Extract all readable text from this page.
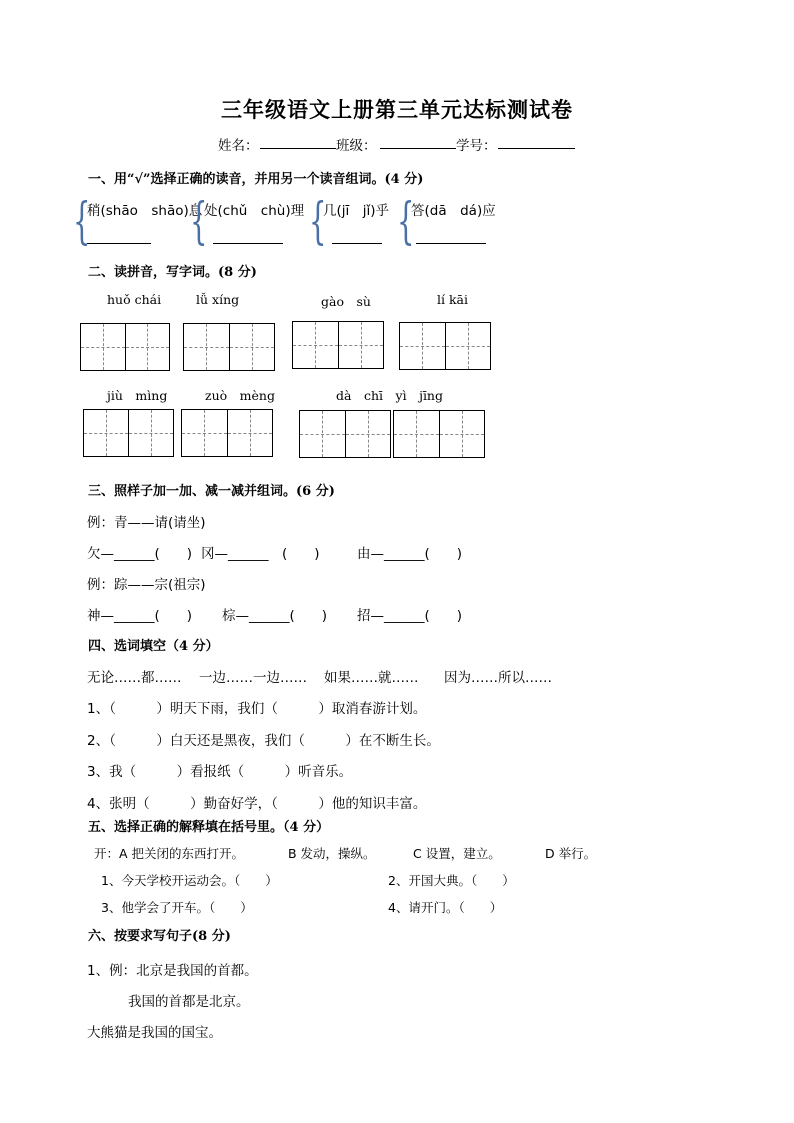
三年级语文上册第三单元达标测试卷
姓名：	班级：	学号：
一、用“√”选择正确的读音，并用另一个读音组词。(4 分)
{
稍(shāo　shāo)息
{
处(chǔ　chù)理 {
几(jī　jǐ)乎 {
答(dā　dá)应
二、读拼音，写字词。(8 分)
huǒ chái	lǚ xíng	gào　sù	lí kāi
jiù　mìng	zuò　mèng	dà　chī　yì　jīng
三、照样子加一加、减一减并组词。(6 分)
例：青——请(请坐)
欠—______(　　) 冈—______　(　　)	由—______(　　)
例：踪——宗(祖宗)
神—______(　　) 棕—______(　　) 招—______(　　)
四、选词填空（4 分）
无论……都…… 一边……一边…… 如果……就…… 因为……所以……
1、（　　　）明天下雨，我们（　　　）取消春游计划。
2、（　　　）白天还是黑夜，我们（　　　）在不断生长。
3、我（　　　）看报纸（　　　）听音乐。
4、张明（　　　）勤奋好学，（　　　）他的知识丰富。
五、选择正确的解释填在括号里。（4 分）
开：A 把关闭的东西打开。	B 发动，操纵。	C 设置，建立。	D 举行。
1、今天学校开运动会。（　　）	2、开国大典。（　　）
3、他学会了开车。（　　）	4、请开门。（　　）
六、按要求写句子(8 分)
1、例：北京是我国的首都。
我国的首都是北京。
大熊猫是我国的国宝。
